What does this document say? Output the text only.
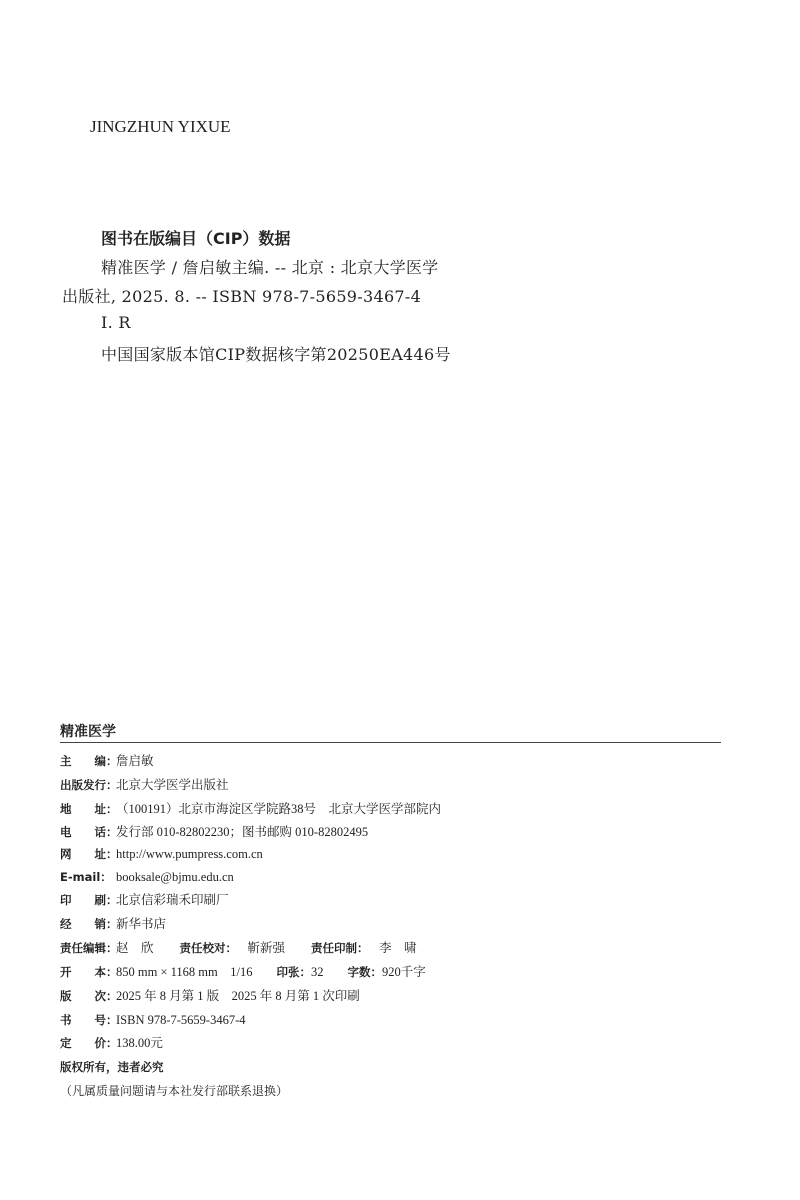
JINGZHUN YIXUE
图书在版编目（CIP）数据
精准医学 / 詹启敏主编. -- 北京 : 北京大学医学
出版社, 2025. 8. -- ISBN 978-7-5659-3467-4
Ⅰ. R
中国国家版本馆CIP数据核字第20250EA446号
精准医学
主　　编：
詹启敏
出版发行：
北京大学医学出版社
地　　址：
（100191）北京市海淀区学院路38号　北京大学医学部院内
电　　话：
发行部 010-82802230；图书邮购 010-82802495
网　　址：
http://www.pumpress.com.cn
E-mail： booksale@bjmu.edu.cn
印　　刷：
北京信彩瑞禾印刷厂
经　　销：
新华书店
责任编辑：
赵　欣 责任校对： 靳新强 责任印制： 李　啸
开　　本：
850 mm × 1168 mm　1/16 印张： 32 字数： 920千字
版　　次：
2025 年 8 月第 1 版　2025 年 8 月第 1 次印刷
书　　号：
ISBN 978-7-5659-3467-4
定　　价：
138.00元
版权所有，违者必究
（凡属质量问题请与本社发行部联系退换）
